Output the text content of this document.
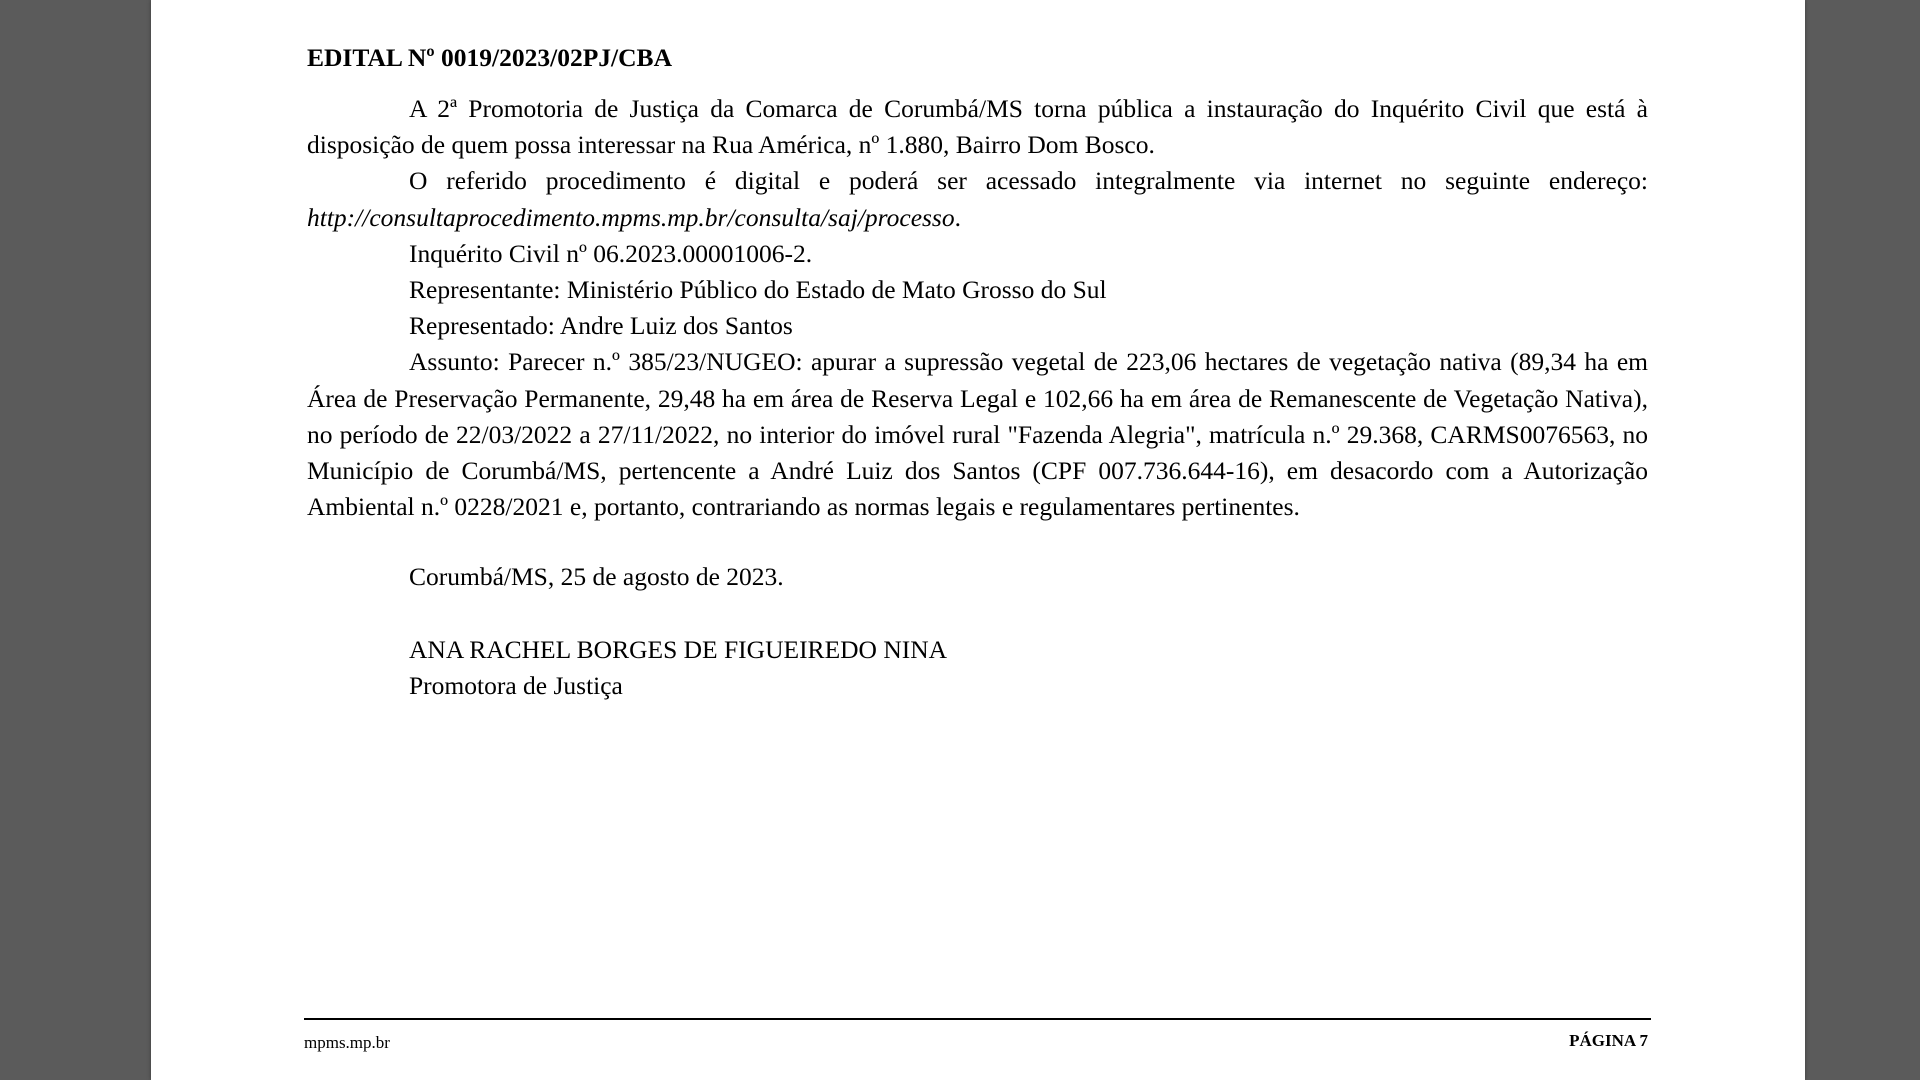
EDITAL Nº 0019/2023/02PJ/CBA

A 2ª Promotoria de Justiça da Comarca de Corumbá/MS torna pública a instauração do Inquérito Civil que está à disposição de quem possa interessar na Rua América, nº 1.880, Bairro Dom Bosco.

O referido procedimento é digital e poderá ser acessado integralmente via internet no seguinte endereço: http://consultaprocedimento.mpms.mp.br/consulta/saj/processo.

Inquérito Civil nº 06.2023.00001006-2.

Representante: Ministério Público do Estado de Mato Grosso do Sul

Representado: Andre Luiz dos Santos

Assunto: Parecer n.º 385/23/NUGEO: apurar a supressão vegetal de 223,06 hectares de vegetação nativa (89,34 ha em Área de Preservação Permanente, 29,48 ha em área de Reserva Legal e 102,66 ha em área de Remanescente de Vegetação Nativa), no período de 22/03/2022 a 27/11/2022, no interior do imóvel rural "Fazenda Alegria", matrícula n.º 29.368, CARMS0076563, no Município de Corumbá/MS, pertencente a André Luiz dos Santos (CPF 007.736.644-16), em desacordo com a Autorização Ambiental n.º 0228/2021 e, portanto, contrariando as normas legais e regulamentares pertinentes.

Corumbá/MS, 25 de agosto de 2023.

ANA RACHEL BORGES DE FIGUEIREDO NINA

Promotora de Justiça

mpms.mp.br	PÁGINA 7
